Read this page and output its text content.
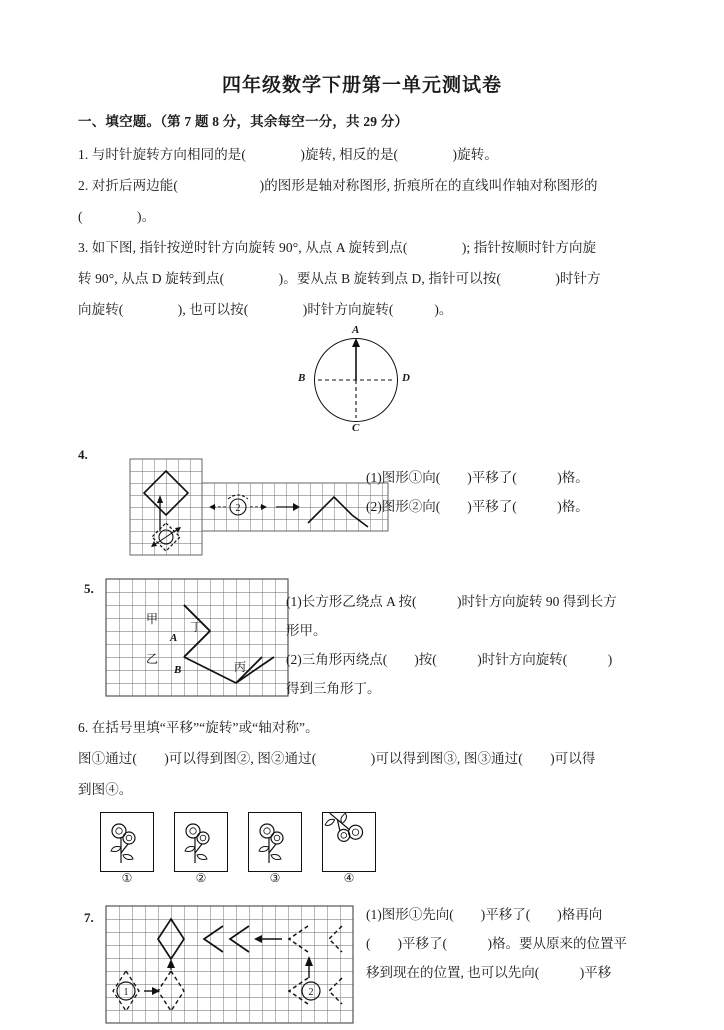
四年级数学下册第一单元测试卷
一、填空题。（第 7 题 8 分，其余每空一分，共 29 分）

1. 与时针旋转方向相同的是(　　　　)旋转, 相反的是(　　　　)旋转。

2. 对折后两边能(　　　　　　)的图形是轴对称图形, 折痕所在的直线叫作轴对称图形的

(　　　　)。

3. 如下图, 指针按逆时针方向旋转 90°, 从点 A 旋转到点(　　　　); 指针按顺时针方向旋

转 90°, 从点 D 旋转到点(　　　　)。要从点 B 旋转到点 D, 指针可以按(　　　　)时针方

向旋转(　　　　), 也可以按(　　　　)时针方向旋转(　　　)。

A
B
C
D
4.
2
(1)图形①向(　　)平移了(　　　)格。
(2)图形②向(　　)平移了(　　　)格。
5.
甲
乙
丙
丁
A
B
(1)长方形乙绕点 A 按(　　　)时针方向旋转 90 得到长方
形甲。
(2)三角形丙绕点(　　)按(　　　)时针方向旋转(　　　)
得到三角形丁。

6. 在括号里填“平移”“旋转”或“轴对称”。

图①通过(　　)可以得到图②, 图②通过(　　　　)可以得到图③, 图③通过(　　)可以得

到图④。

①	②	③	④
7.
1	2
(1)图形①先向(　　)平移了(　　)格再向
(　　)平移了(　　　)格。要从原来的位置平
移到现在的位置, 也可以先向(　　　)平移
